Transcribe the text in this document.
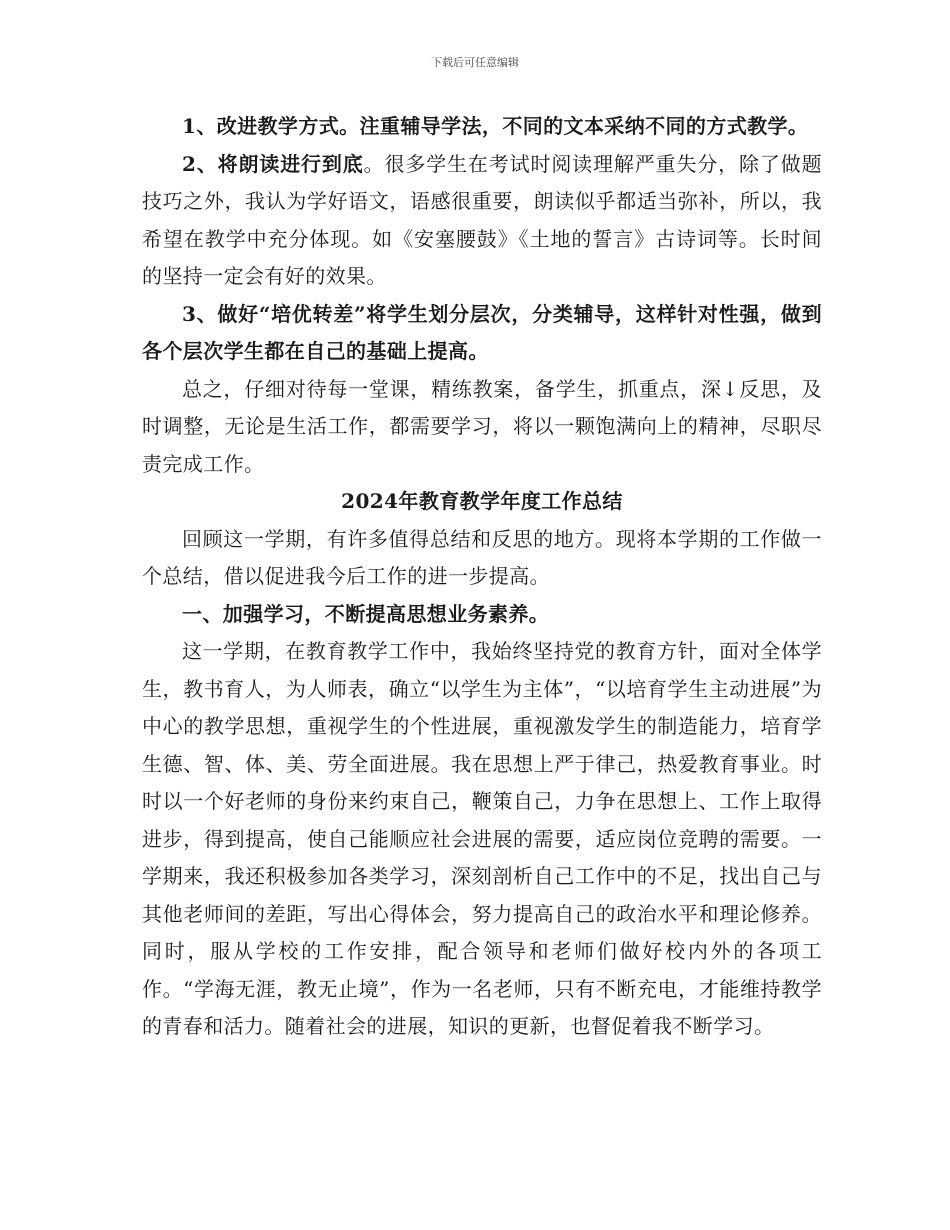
下载后可任意编辑

1、改进教学方式。注重辅导学法，不同的文本采纳不同的方式教学。

2、将朗读进行到底。很多学生在考试时阅读理解严重失分，除了做题技巧之外，我认为学好语文，语感很重要，朗读似乎都适当弥补，所以，我希望在教学中充分体现。如《安塞腰鼓》《土地的誓言》古诗词等。长时间的坚持一定会有好的效果。

3、做好“培优转差”将学生划分层次，分类辅导，这样针对性强，做到各个层次学生都在自己的基础上提高。

总之，仔细对待每一堂课，精练教案，备学生，抓重点，深↓反思，及时调整，无论是生活工作，都需要学习，将以一颗饱满向上的精神，尽职尽责完成工作。

2024年教育教学年度工作总结

回顾这一学期，有许多值得总结和反思的地方。现将本学期的工作做一个总结，借以促进我今后工作的进一步提高。

一、加强学习，不断提高思想业务素养。

这一学期，在教育教学工作中，我始终坚持党的教育方针，面对全体学生，教书育人，为人师表，确立“以学生为主体”，“以培育学生主动进展”为中心的教学思想，重视学生的个性进展，重视激发学生的制造能力，培育学生德、智、体、美、劳全面进展。我在思想上严于律己，热爱教育事业。时时以一个好老师的身份来约束自己，鞭策自己，力争在思想上、工作上取得进步，得到提高，使自己能顺应社会进展的需要，适应岗位竞聘的需要。一学期来，我还积极参加各类学习，深刻剖析自己工作中的不足，找出自己与其他老师间的差距，写出心得体会，努力提高自己的政治水平和理论修养。同时，服从学校的工作安排，配合领导和老师们做好校内外的各项工作。“学海无涯，教无止境”，作为一名老师，只有不断充电，才能维持教学的青春和活力。随着社会的进展，知识的更新，也督促着我不断学习。
